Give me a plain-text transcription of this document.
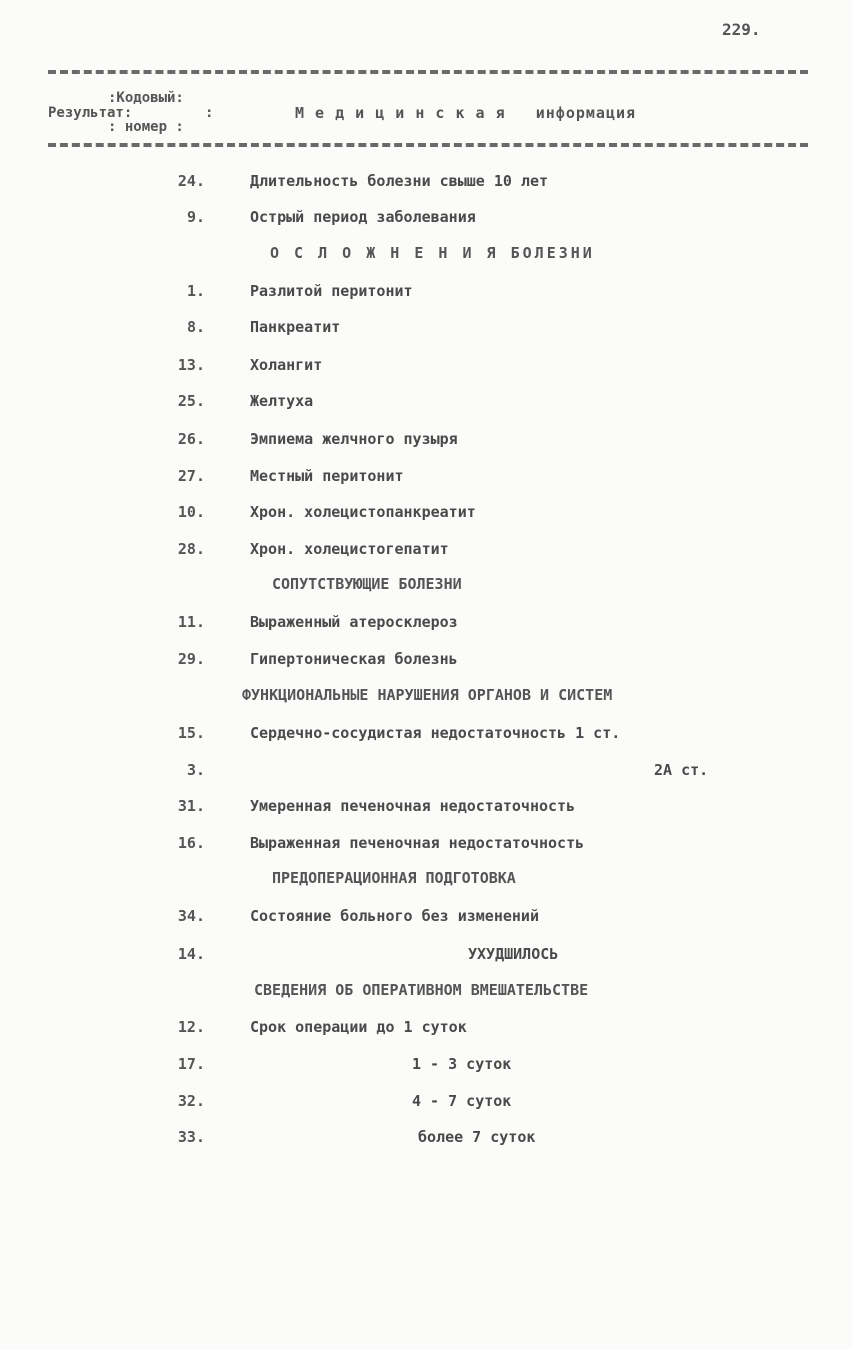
229.
:Кодовый:
Результат:	:
: номер :
М е д и ц и н с к а я   информация
24.	Длительность болезни свыше 10 лет
9.	Острый период заболевания
О С Л О Ж Н Е Н И Я БОЛЕЗНИ
1.	Разлитой перитонит
8.	Панкреатит
13.	Холангит
25.	Желтуха
26.	Эмпиема желчного пузыря
27.	Местный перитонит
10.	Хрон. холецистопанкреатит
28.	Хрон. холецистогепатит
СОПУТСТВУЮЩИЕ БОЛЕЗНИ
11.	Выраженный атеросклероз
29.	Гипертоническая болезнь
ФУНКЦИОНАЛЬНЫЕ НАРУШЕНИЯ ОРГАНОВ И СИСТЕМ
15.	Сердечно-сосудистая недостаточность 1 ст.
3.	2А ст.
31.	Умеренная печеночная недостаточность
16.	Выраженная печеночная недостаточность
ПРЕДОПЕРАЦИОННАЯ ПОДГОТОВКА
34.	Состояние больного без изменений
14.	УХУДШИЛОСЬ
СВЕДЕНИЯ ОБ ОПЕРАТИВНОМ ВМЕШАТЕЛЬСТВЕ
12.	Срок операции до 1 суток
17.	1 - 3 суток
32.	4 - 7 суток
33.	более 7 суток
